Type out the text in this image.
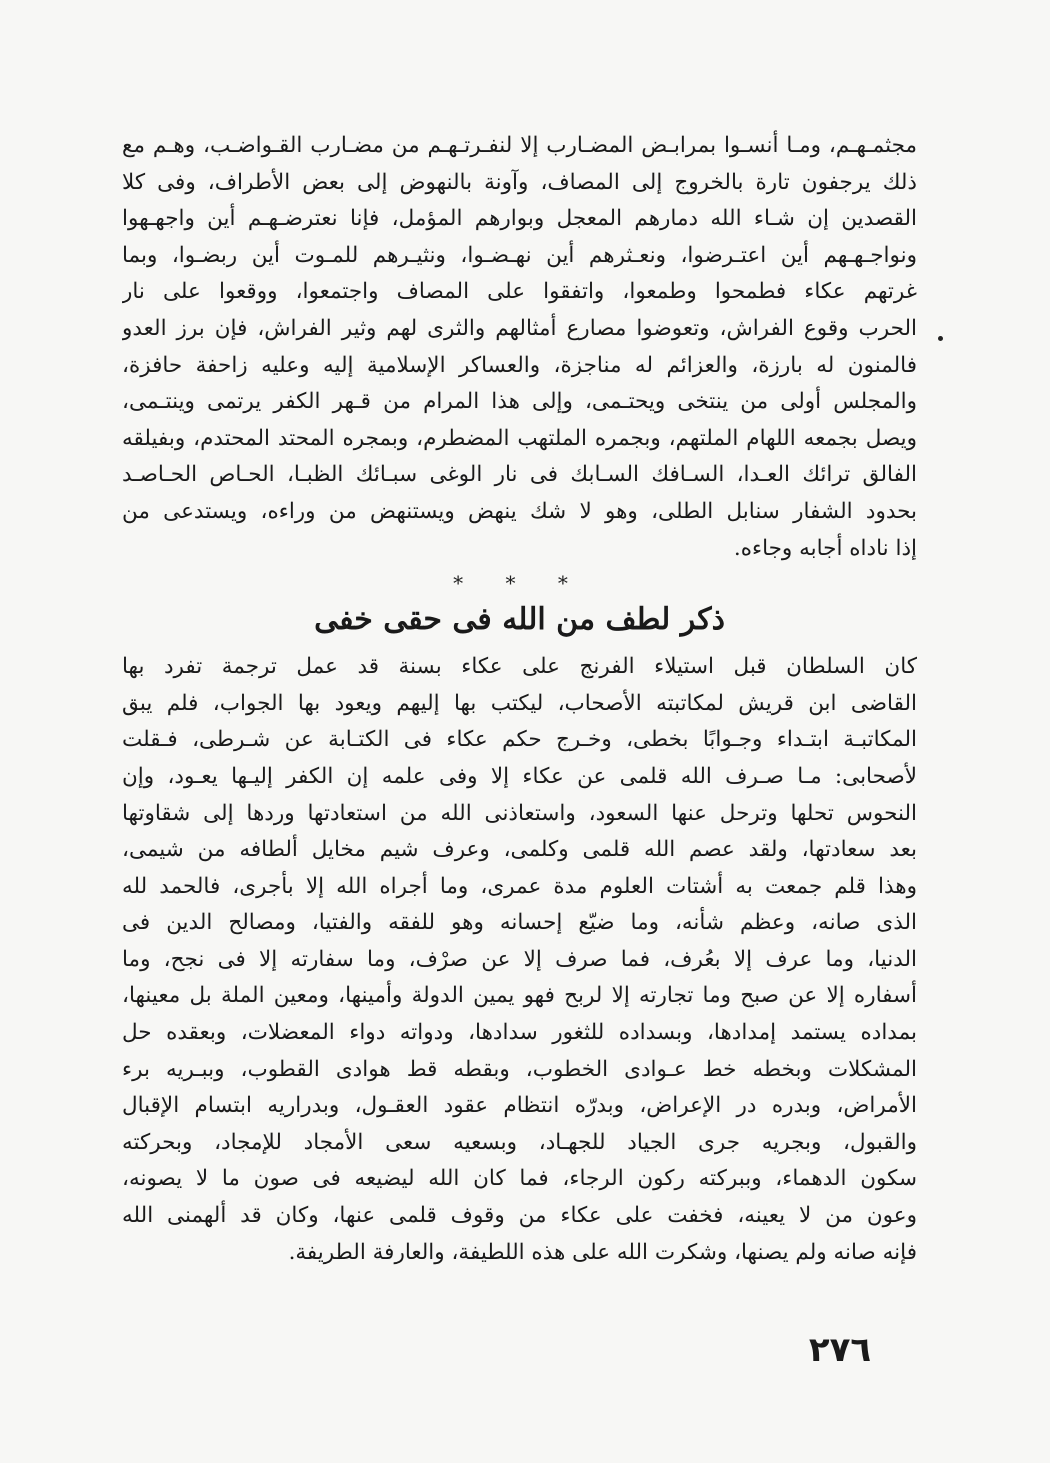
مجثمـهـم، ومـا أنسـوا بمرابـض المضـارب إلا لنفـرتـهـم من مضـارب القـواضـب، وهـم مع
ذلك يرجفون تارة بالخروج إلى المصاف، وآونة بالنهوض إلى بعض الأطراف، وفى كلا
القصدين إن شـاء الله دمارهم المعجل وبوارهم المؤمل، فإنا نعترضـهـم أين واجهـهوا
ونواجـهـهم أين اعتـرضوا، ونعـثرهم أين نهـضـوا، ونثيـرهم للمـوت أين ربضـوا، وبما
غرتهم عكاء فطمحوا وطمعوا، واتفقوا على المصاف واجتمعوا، ووقعوا على نار
الحرب وقوع الفراش، وتعوضوا مصارع أمثالهم والثرى لهم وثير الفراش، فإن برز العدو
فالمنون له بارزة، والعزائم له مناجزة، والعساكر الإسلامية إليه وعليه زاحفة حافزة،
والمجلس أولى من ينتخى ويحتـمى، وإلى هذا المرام من قـهر الكفر يرتمى وينتـمى،
ويصل بجمعه اللهام الملتهم، وبجمره الملتهب المضطرم، وبمجره المحتد المحتدم، وبفيلقه
الفالق ترائك العـدا، السـافك السـابك فى نار الوغى سبـائك الظبـا، الحـاص الحـاصـد
بحدود الشفار سنابل الطلى، وهو لا شك ينهض ويستنهض من وراءه، ويستدعى من
إذا ناداه أجابه وجاءه.
* * *
ذكر لطف من الله فى حقى خفى
كان السلطان قبل استيلاء الفرنج على عكاء بسنة قد عمل ترجمة تفرد بها
القاضى ابن قريش لمكاتبته الأصحاب، ليكتب بها إليهم ويعود بها الجواب، فلم يبق
المكاتبـة ابتـداء وجـوابًا بخطى، وخـرج حكم عكاء فى الكتـابة عن شـرطى، فـقلت
لأصحابى: مـا صـرف الله قلمى عن عكاء إلا وفى علمه إن الكفر إليـها يعـود، وإن
النحوس تحلها وترحل عنها السعود، واستعاذنى الله من استعادتها وردها إلى شقاوتها
بعد سعادتها، ولقد عصم الله قلمى وكلمى، وعرف شيم مخايل ألطافه من شيمى،
وهذا قلم جمعت به أشتات العلوم مدة عمرى، وما أجراه الله إلا بأجرى، فالحمد لله
الذى صانه، وعظم شأنه، وما ضيّع إحسانه وهو للفقه والفتيا، ومصالح الدين فى
الدنيا، وما عرف إلا بعُرف، فما صرف إلا عن صرْف، وما سفارته إلا فى نجح، وما
أسفاره إلا عن صبح وما تجارته إلا لربح فهو يمين الدولة وأمينها، ومعين الملة بل معينها،
بمداده يستمد إمدادها، وبسداده للثغور سدادها، ودواته دواء المعضلات، وبعقده حل
المشكلات وبخطه خط عـوادى الخطوب، وبقطه قط هوادى القطوب، وببـريه برء
الأمراض، وبدره در الإعراض، وبدرّه انتظام عقود العقـول، وبدراريه ابتسام الإقبال
والقبول، وبجريه جرى الجياد للجهـاد، وبسعيه سعى الأمجاد للإمجاد، وبحركته
سكون الدهماء، وببركته ركون الرجاء، فما كان الله ليضيعه فى صون ما لا يصونه،
وعون من لا يعينه، فخفت على عكاء من وقوف قلمى عنها، وكان قد ألهمنى الله
فإنه صانه ولم يصنها، وشكرت الله على هذه اللطيفة، والعارفة الطريفة.
٢٧٦
